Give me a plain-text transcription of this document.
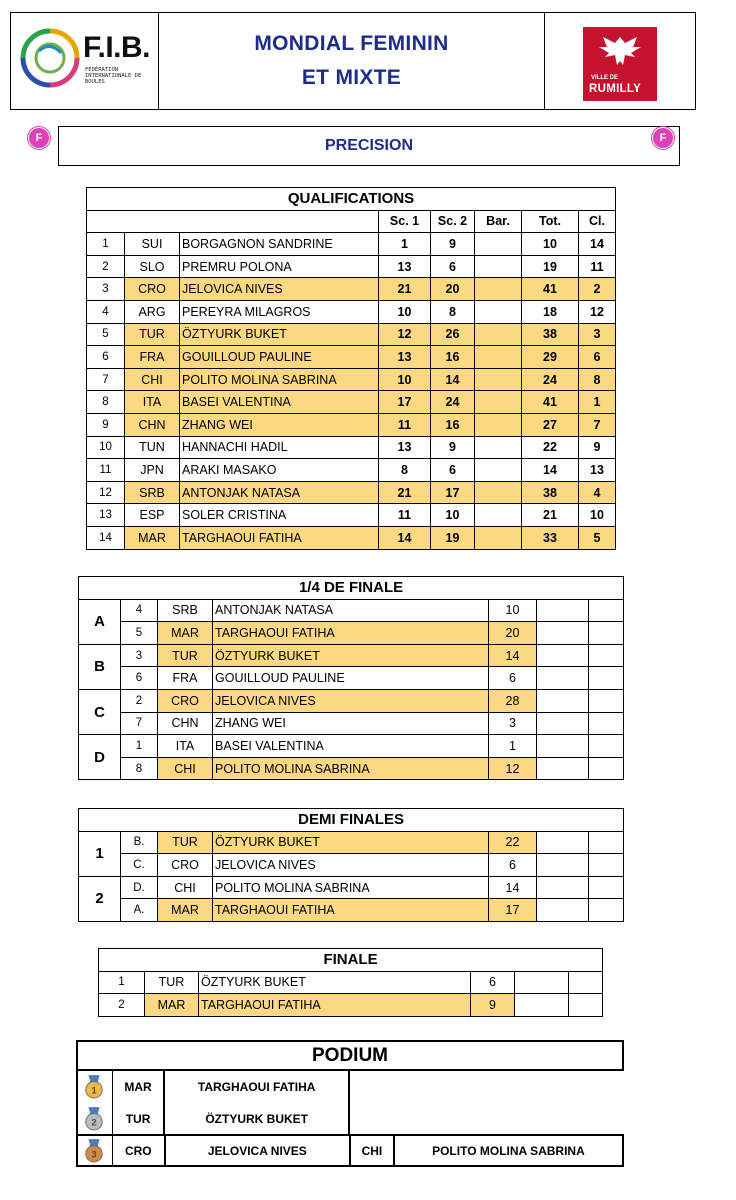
F.I.B.
FÉDÉRATION INTERNATIONALE DE BOULES
MONDIAL FEMININ
ET MIXTE	VILLE DE
RUMILLY
F	PRECISION	F
QUALIFICATIONS							
			Sc. 1	Sc. 2	Bar.	Tot.	Cl.
1	SUI	BORGAGNON SANDRINE	1	9		10	14
2	SLO	PREMRU POLONA	13	6		19	11
3	CRO	JELOVICA NIVES	21	20		41	2
4	ARG	PEREYRA MILAGROS	10	8		18	12
5	TUR	ÖZTYURK BUKET	12	26		38	3
6	FRA	GOUILLOUD PAULINE	13	16		29	6
7	CHI	POLITO MOLINA SABRINA	10	14		24	8
8	ITA	BASEI VALENTINA	17	24		41	1
9	CHN	ZHANG WEI	11	16		27	7
10	TUN	HANNACHI HADIL	13	9		22	9
11	JPN	ARAKI MASAKO	8	6		14	13
12	SRB	ANTONJAK NATASA	21	17		38	4
13	ESP	SOLER CRISTINA	11	10		21	10
14	MAR	TARGHAOUI FATIHA	14	19		33	5
1/4 DE FINALE						
A	4	SRB	ANTONJAK NATASA	10		
	5	MAR	TARGHAOUI FATIHA	20		
B	3	TUR	ÖZTYURK BUKET	14		
	6	FRA	GOUILLOUD PAULINE	6		
C	2	CRO	JELOVICA NIVES	28		
	7	CHN	ZHANG WEI	3		
D	1	ITA	BASEI VALENTINA	1		
	8	CHI	POLITO MOLINA SABRINA	12		
DEMI FINALES						
1	B.	TUR	ÖZTYURK BUKET	22		
	C.	CRO	JELOVICA NIVES	6		
2	D.	CHI	POLITO MOLINA SABRINA	14		
	A.	MAR	TARGHAOUI FATIHA	17		
FINALE					
1	TUR	ÖZTYURK BUKET	6		
2	MAR	TARGHAOUI FATIHA	9		
PODIUM
1	MAR	TARGHAOUI FATIHA
2	TUR	ÖZTYURK BUKET
3	CRO	JELOVICA NIVES	CHI	POLITO MOLINA SABRINA
